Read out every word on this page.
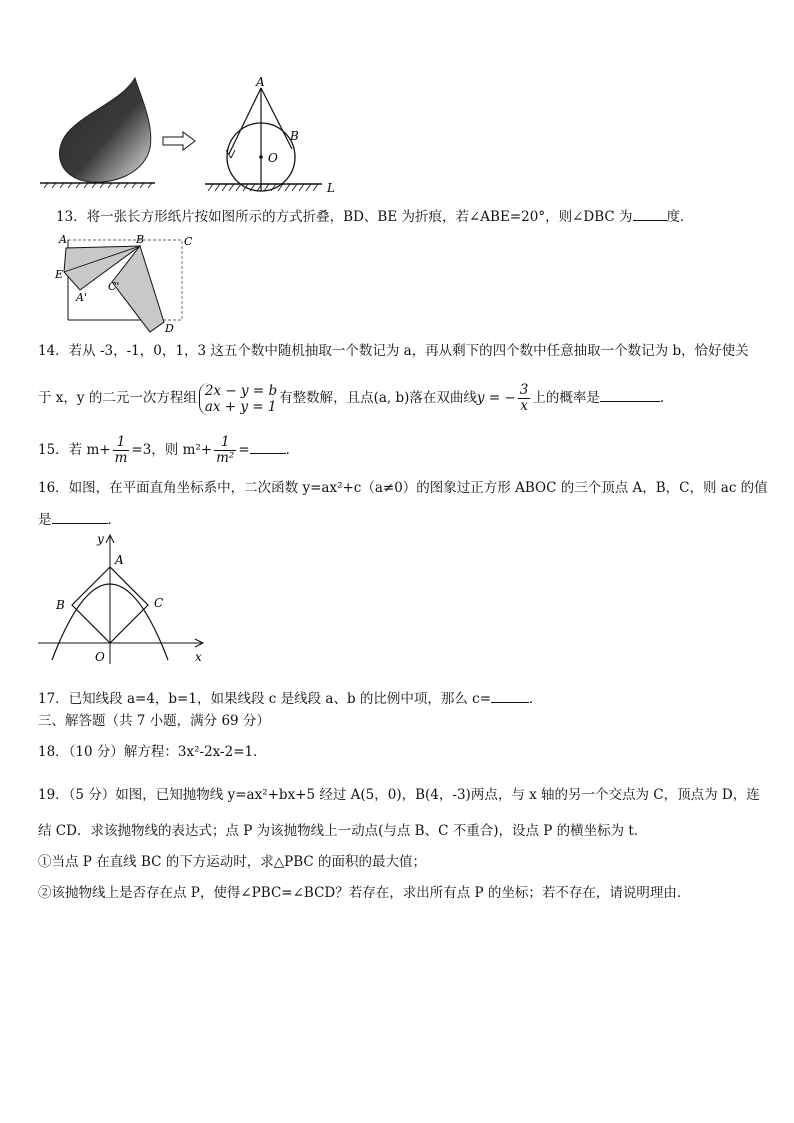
A
B
O
L
13．将一张长方形纸片按如图所示的方式折叠，BD、BE 为折痕，若∠ABE=20°，则∠DBC 为	度．
A	B	C
E
A'
C'
D
14．若从 -3，-1，0，1，3 这五个数中随机抽取一个数记为 a，再从剩下的四个数中任意抽取一个数记为 b，恰好使关
于 x，y 的二元一次方程组 2x − y = b
ax + y = 1
有整数解，且点(a, b)落在双曲线y = − $\frac{3}{x}$ 上的概率是	.
15．若 $m+ \frac{1}{m} =3$，则 $m^2+ \frac{1}{\text{m²}}$ =	．
16．如图，在平面直角坐标系中，二次函数 y=ax²+c（a≠0）的图象过正方形 ABOC 的三个顶点 A，B，C，则 ac 的值
是	．
y
A
B	C
O	x
17．已知线段 a=4，b=1，如果线段 c 是线段 a、b 的比例中项，那么 c=	．
三、解答题（共 7 小题，满分 69 分）
18．（10 分）解方程：3x²-2x-2=1．
19．（5 分）如图，已知抛物线 y=ax²+bx+5 经过 A(5，0)，B(4，-3)两点，与 x 轴的另一个交点为 C，顶点为 D，连
结 CD．求该抛物线的表达式；点 P 为该抛物线上一动点(与点 B、C 不重合)，设点 P 的横坐标为 t．
①当点 P 在直线 BC 的下方运动时，求△PBC 的面积的最大值；
②该抛物线上是否存在点 P，使得∠PBC=∠BCD？若存在，求出所有点 P 的坐标；若不存在，请说明理由．
